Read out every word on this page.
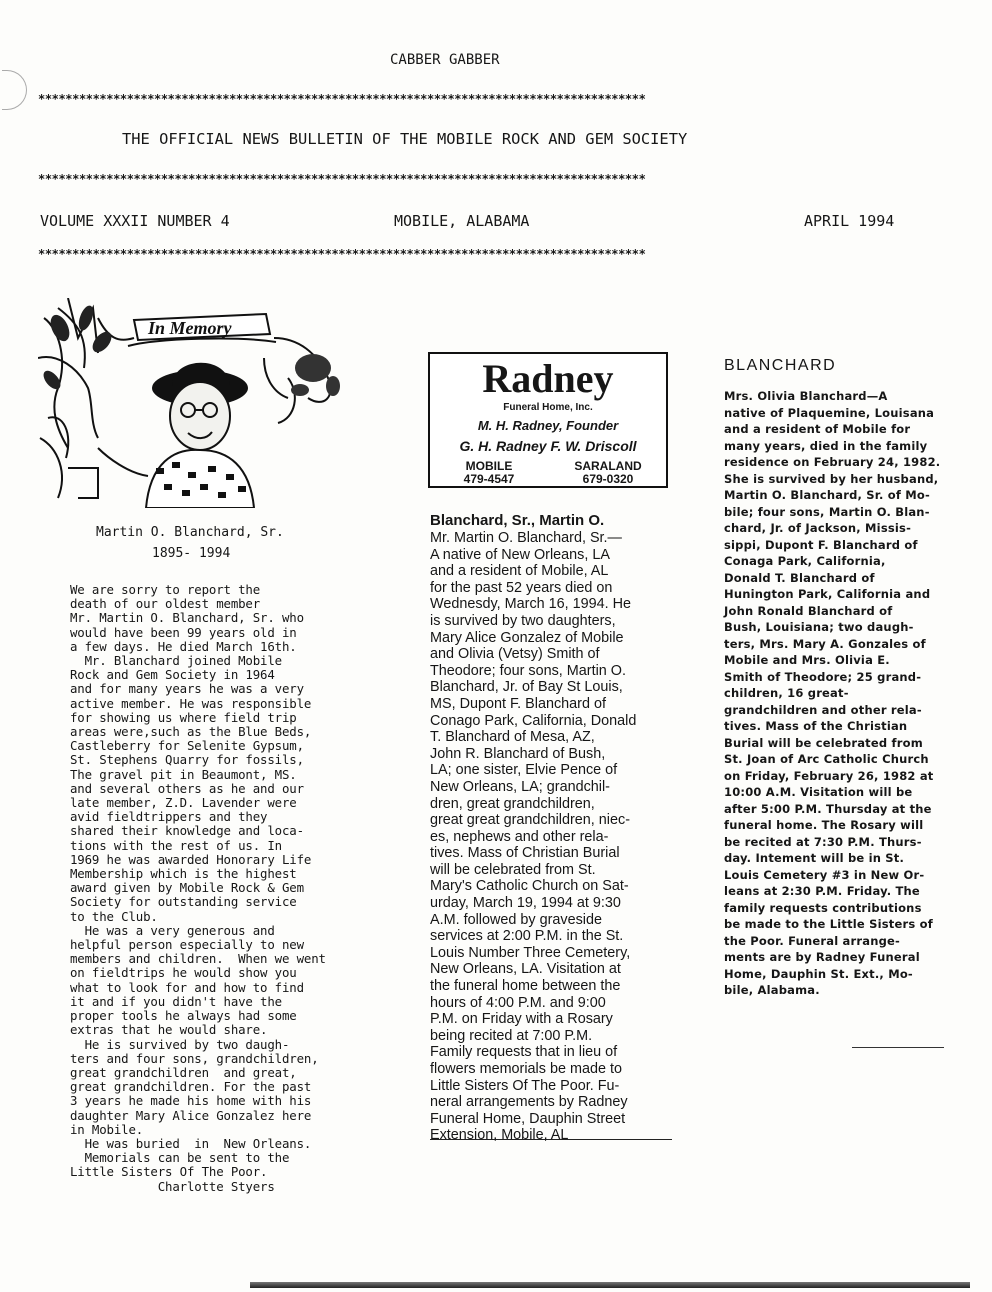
CABBER GABBER
*****************************************************************************************
THE OFFICIAL NEWS BULLETIN OF THE MOBILE ROCK AND GEM SOCIETY
*****************************************************************************************
VOLUME XXXII NUMBER 4	MOBILE, ALABAMA	APRIL 1994
*****************************************************************************************
In Memory
Martin O. Blanchard, Sr.
1895- 1994
We are sorry to report the
death of our oldest member
Mr. Martin O. Blanchard, Sr. who
would have been 99 years old in
a few days. He died March 16th.
Mr. Blanchard joined Mobile
Rock and Gem Society in 1964
and for many years he was a very
active member. He was responsible
for showing us where field trip
areas were,such as the Blue Beds,
Castleberry for Selenite Gypsum,
St. Stephens Quarry for fossils,
The gravel pit in Beaumont, MS.
and several others as he and our
late member, Z.D. Lavender were
avid fieldtrippers and they
shared their knowledge and loca-
tions with the rest of us. In
1969 he was awarded Honorary Life
Membership which is the highest
award given by Mobile Rock & Gem
Society for outstanding service
to the Club.
He was a very generous and
helpful person especially to new
members and children.  When we went
on fieldtrips he would show you
what to look for and how to find
it and if you didn't have the
proper tools he always had some
extras that he would share.
He is survived by two daugh-
ters and four sons, grandchildren,
great grandchildren  and great,
great grandchildren. For the past
3 years he made his home with his
daughter Mary Alice Gonzalez here
in Mobile.
He was buried  in  New Orleans.
Memorials can be sent to the
Little Sisters Of The Poor.
Charlotte Styers
Radney
Funeral Home, Inc.
M. H. Radney, Founder
G. H. Radney F. W. Driscoll
MOBILE
479-4547
SARALAND
679-0320
Blanchard, Sr., Martin O.
Mr. Martin O. Blanchard, Sr.—
A native of New Orleans, LA
and a resident of Mobile, AL
for the past 52 years died on
Wednesdy, March 16, 1994. He
is survived by two daughters,
Mary Alice Gonzalez of Mobile
and Olivia (Vetsy) Smith of
Theodore; four sons, Martin O.
Blanchard, Jr. of Bay St Louis,
MS, Dupont F. Blanchard of
Conago Park, California, Donald
T. Blanchard of Mesa, AZ,
John R. Blanchard of Bush,
LA; one sister, Elvie Pence of
New Orleans, LA; grandchil-
dren, great grandchildren,
great great grandchildren, niec-
es, nephews and other rela-
tives. Mass of Christian Burial
will be celebrated from St.
Mary's Catholic Church on Sat-
urday, March 19, 1994 at 9:30
A.M. followed by graveside
services at 2:00 P.M. in the St.
Louis Number Three Cemetery,
New Orleans, LA. Visitation at
the funeral home between the
hours of 4:00 P.M. and 9:00
P.M. on Friday with a Rosary
being recited at 7:00 P.M.
Family requests that in lieu of
flowers memorials be made to
Little Sisters Of The Poor. Fu-
neral arrangements by Radney
Funeral Home, Dauphin Street
Extension, Mobile, AL
BLANCHARD
Mrs. Olivia Blanchard—A
native of Plaquemine, Louisana
and a resident of Mobile for
many years, died in the family
residence on February 24, 1982.
She is survived by her husband,
Martin O. Blanchard, Sr. of Mo-
bile; four sons, Martin O. Blan-
chard, Jr. of Jackson, Missis-
sippi, Dupont F. Blanchard of
Conaga Park, California,
Donald T. Blanchard of
Hunington Park, California and
John Ronald Blanchard of
Bush, Louisiana; two daugh-
ters, Mrs. Mary A. Gonzales of
Mobile and Mrs. Olivia E.
Smith of Theodore; 25 grand-
children, 16 great-
grandchildren and other rela-
tives. Mass of the Christian
Burial will be celebrated from
St. Joan of Arc Catholic Church
on Friday, February 26, 1982 at
10:00 A.M. Visitation will be
after 5:00 P.M. Thursday at the
funeral home. The Rosary will
be recited at 7:30 P.M. Thurs-
day. Intement will be in St.
Louis Cemetery #3 in New Or-
leans at 2:30 P.M. Friday. The
family requests contributions
be made to the Little Sisters of
the Poor. Funeral arrange-
ments are by Radney Funeral
Home, Dauphin St. Ext., Mo-
bile, Alabama.
